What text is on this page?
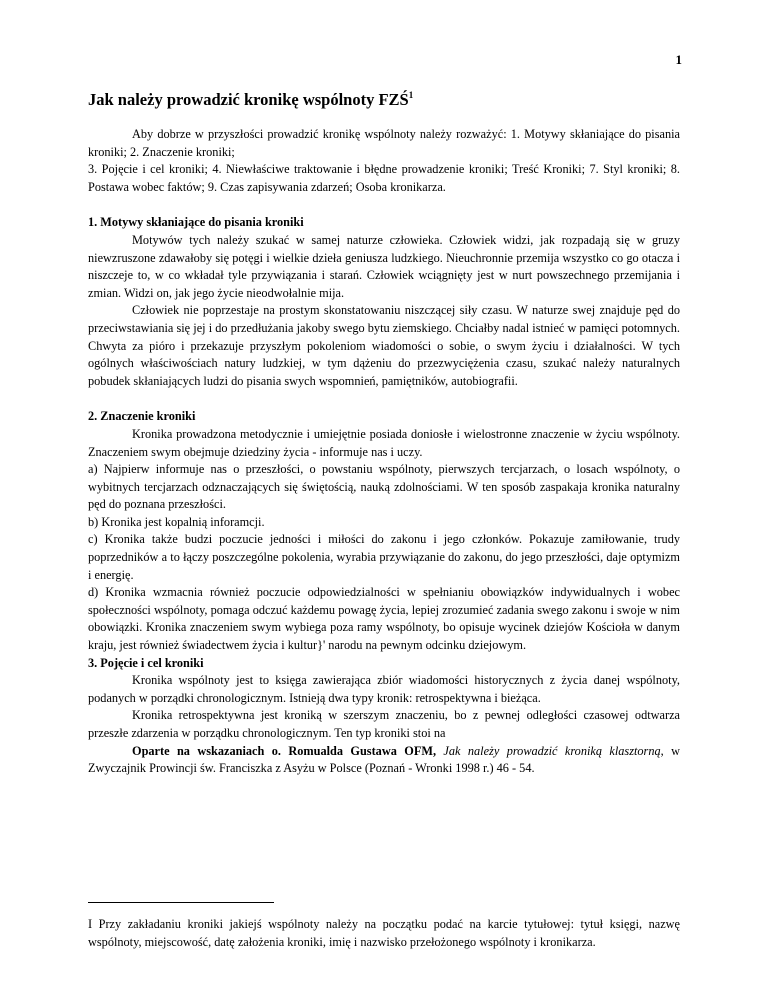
1
Jak należy prowadzić kronikę wspólnoty FZŚ$^1$

Aby dobrze w przyszłości prowadzić kronikę wspólnoty należy rozważyć: 1. Motywy skłaniające do pisania kroniki; 2. Znaczenie kroniki;

3. Pojęcie i cel kroniki; 4. Niewłaściwe traktowanie i błędne prowadzenie kroniki; Treść Kroniki; 7. Styl kroniki; 8. Postawa wobec faktów; 9. Czas zapisywania zdarzeń; Osoba kronikarza.

1. Motywy skłaniające do pisania kroniki

Motywów tych należy szukać w samej naturze człowieka. Człowiek widzi, jak rozpadają się w gruzy niewzruszone zdawałoby się potęgi i wielkie dzieła geniusza ludzkiego. Nieuchronnie przemija wszystko co go otacza i niszczeje to, w co wkładał tyle przywiązania i starań. Człowiek wciągnięty jest w nurt powszechnego przemijania i zmian. Widzi on, jak jego życie nieodwołalnie mija.

Człowiek nie poprzestaje na prostym skonstatowaniu niszczącej siły czasu. W naturze swej znajduje pęd do przeciwstawiania się jej i do przedłużania jakoby swego bytu ziemskiego. Chciałby nadal istnieć w pamięci potomnych. Chwyta za pióro i przekazuje przyszłym pokoleniom wiadomości o sobie, o swym życiu i działalności. W tych ogólnych właściwościach natury ludzkiej, w tym dążeniu do przezwyciężenia czasu, szukać należy naturalnych pobudek skłaniających ludzi do pisania swych wspomnień, pamiętników, autobiografii.

2. Znaczenie kroniki

Kronika prowadzona metodycznie i umiejętnie posiada doniosłe i wielostronne znaczenie w życiu wspólnoty. Znaczeniem swym obejmuje dziedziny życia - informuje nas i uczy.

a) Najpierw informuje nas o przeszłości, o powstaniu wspólnoty, pierwszych tercjarzach, o losach wspólnoty, o wybitnych tercjarzach odznaczających się świętością, nauką zdolnościami. W ten sposób zaspakaja kronika naturalny pęd do poznana przeszłości.

b) Kronika jest kopalnią inforamcji.

c) Kronika także budzi poczucie jedności i miłości do zakonu i jego członków. Pokazuje zamiłowanie, trudy poprzedników a to łączy poszczególne pokolenia, wyrabia przywiązanie do zakonu, do jego przeszłości, daje optymizm i energię.

d) Kronika wzmacnia również poczucie odpowiedzialności w spełnianiu obowiązków indywidualnych i wobec społeczności wspólnoty, pomaga odczuć każdemu powagę życia, lepiej zrozumieć zadania swego zakonu i swoje w nim obowiązki. Kronika znaczeniem swym wybiega poza ramy wspólnoty, bo opisuje wycinek dziejów Kościoła w danym kraju, jest również świadectwem życia i kultur}' narodu na pewnym odcinku dziejowym.

3. Pojęcie i cel kroniki

Kronika wspólnoty jest to księga zawierająca zbiór wiadomości historycznych z życia danej wspólnoty, podanych w porządki chronologicznym. Istnieją dwa typy kronik: retrospektywna i bieżąca.

Kronika retrospektywna jest kroniką w szerszym znaczeniu, bo z pewnej odległości czasowej odtwarza przeszłe zdarzenia w porządku chronologicznym. Ten typ kroniki stoi na

Oparte na wskazaniach o. Romualda Gustawa OFM, Jak należy prowadzić kroniką klasztorną, w Zwyczajnik Prowincji św. Franciszka z Asyżu w Polsce (Poznań - Wronki 1998 r.) 46 - 54.

I Przy zakładaniu kroniki jakiejś wspólnoty należy na początku podać na karcie tytułowej: tytuł księgi, nazwę wspólnoty, miejscowość, datę założenia kroniki, imię i nazwisko przełożonego wspólnoty i kronikarza.
